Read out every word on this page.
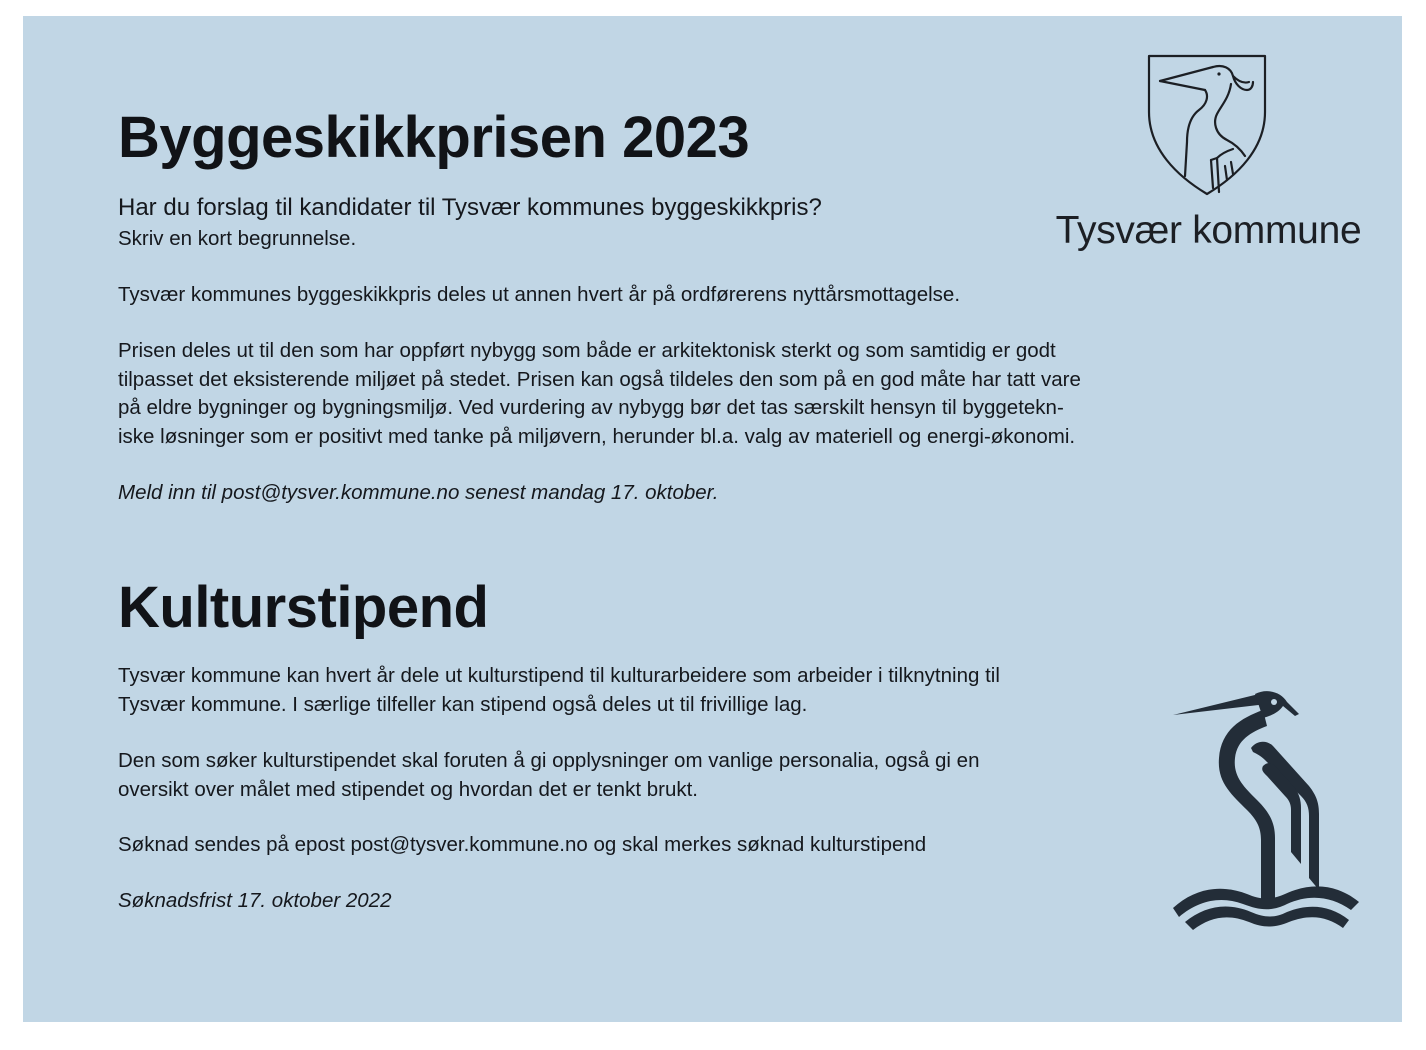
Byggeskikkprisen 2023

Har du forslag til kandidater til Tysvær kommunes byggeskikkpris?

Skriv en kort begrunnelse.

Tysvær kommunes byggeskikkpris deles ut annen hvert år på ordførerens nyttårsmottagelse.

Prisen deles ut til den som har oppført nybygg som både er arkitektonisk sterkt og som samtidig er godt
tilpasset det eksisterende miljøet på stedet. Prisen kan også tildeles den som på en god måte har tatt vare
på eldre bygninger og bygningsmiljø. Ved vurdering av nybygg bør det tas særskilt hensyn til byggetekn-
iske løsninger som er positivt med tanke på miljøvern, herunder bl.a. valg av materiell og energi-økonomi.

Meld inn til post@tysver.kommune.no senest mandag 17. oktober.

Kulturstipend

Tysvær kommune kan hvert år dele ut kulturstipend til kulturarbeidere som arbeider i tilknytning til
Tysvær kommune. I særlige tilfeller kan stipend også deles ut til frivillige lag.

Den som søker kulturstipendet skal foruten å gi opplysninger om vanlige personalia, også gi en
oversikt over målet med stipendet og hvordan det er tenkt brukt.

Søknad sendes på epost post@tysver.kommune.no og skal merkes søknad kulturstipend

Søknadsfrist 17. oktober 2022

Tysvær kommune
